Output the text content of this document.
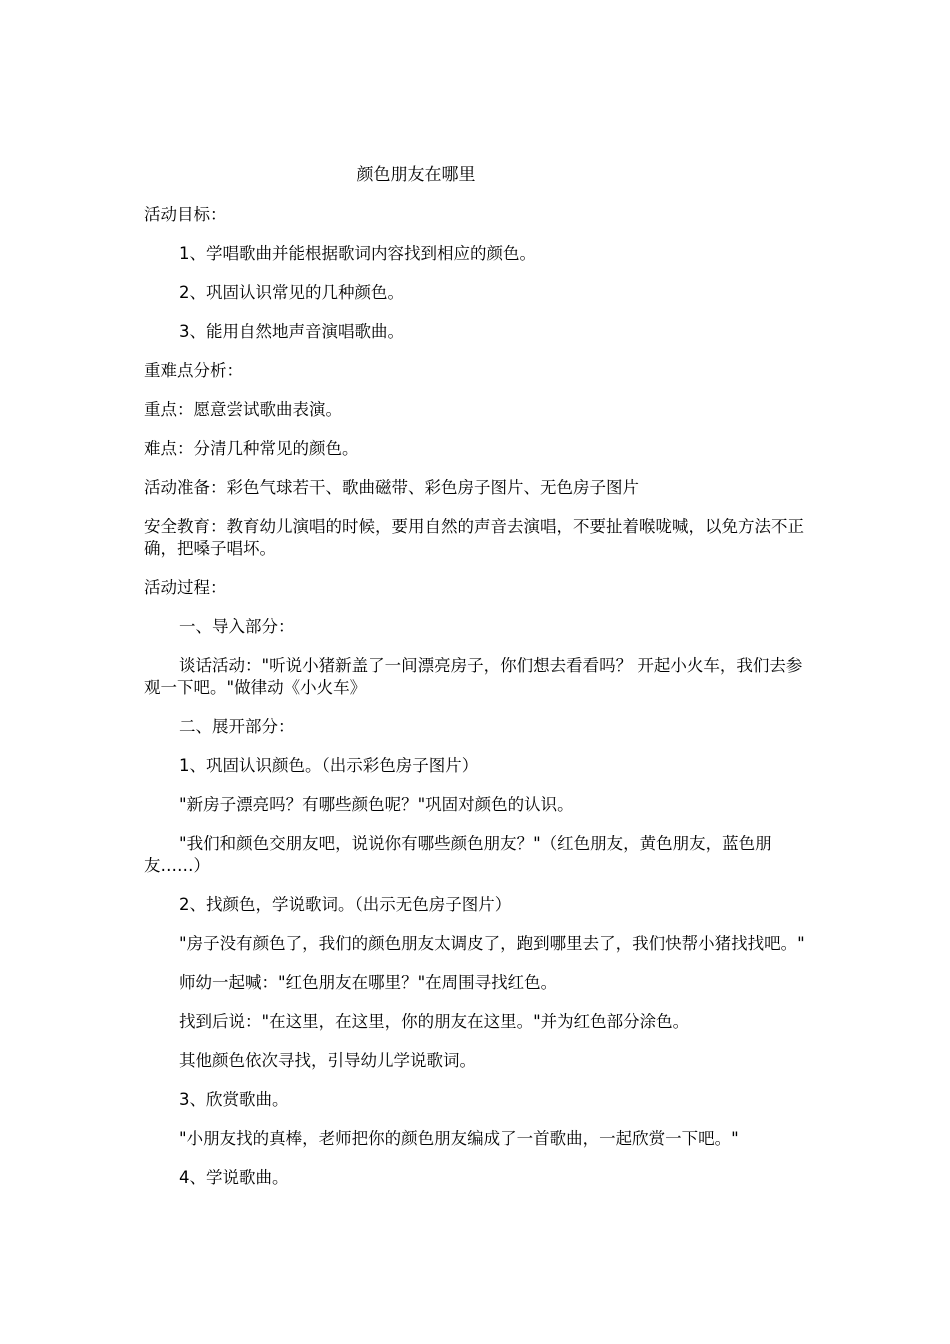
颜色朋友在哪里

活动目标：

1、学唱歌曲并能根据歌词内容找到相应的颜色。

2、巩固认识常见的几种颜色。

3、能用自然地声音演唱歌曲。

重难点分析：

重点：愿意尝试歌曲表演。

难点：分清几种常见的颜色。

活动准备：彩色气球若干、歌曲磁带、彩色房子图片、无色房子图片

安全教育：教育幼儿演唱的时候，要用自然的声音去演唱，不要扯着喉咙喊，以免方法不正确，把嗓子唱坏。

活动过程：

一、导入部分：

谈话活动："听说小猪新盖了一间漂亮房子，你们想去看看吗？ 开起小火车，我们去参观一下吧。"做律动《小火车》

二、展开部分：

1、巩固认识颜色。（出示彩色房子图片）

"新房子漂亮吗？有哪些颜色呢？"巩固对颜色的认识。

"我们和颜色交朋友吧，说说你有哪些颜色朋友？"（红色朋友，黄色朋友，蓝色朋友……）

2、找颜色，学说歌词。（出示无色房子图片）

"房子没有颜色了，我们的颜色朋友太调皮了，跑到哪里去了，我们快帮小猪找找吧。"

师幼一起喊："红色朋友在哪里？"在周围寻找红色。

找到后说："在这里，在这里，你的朋友在这里。"并为红色部分涂色。

其他颜色依次寻找，引导幼儿学说歌词。

3、欣赏歌曲。

"小朋友找的真棒，老师把你的颜色朋友编成了一首歌曲，一起欣赏一下吧。"

4、学说歌曲。
